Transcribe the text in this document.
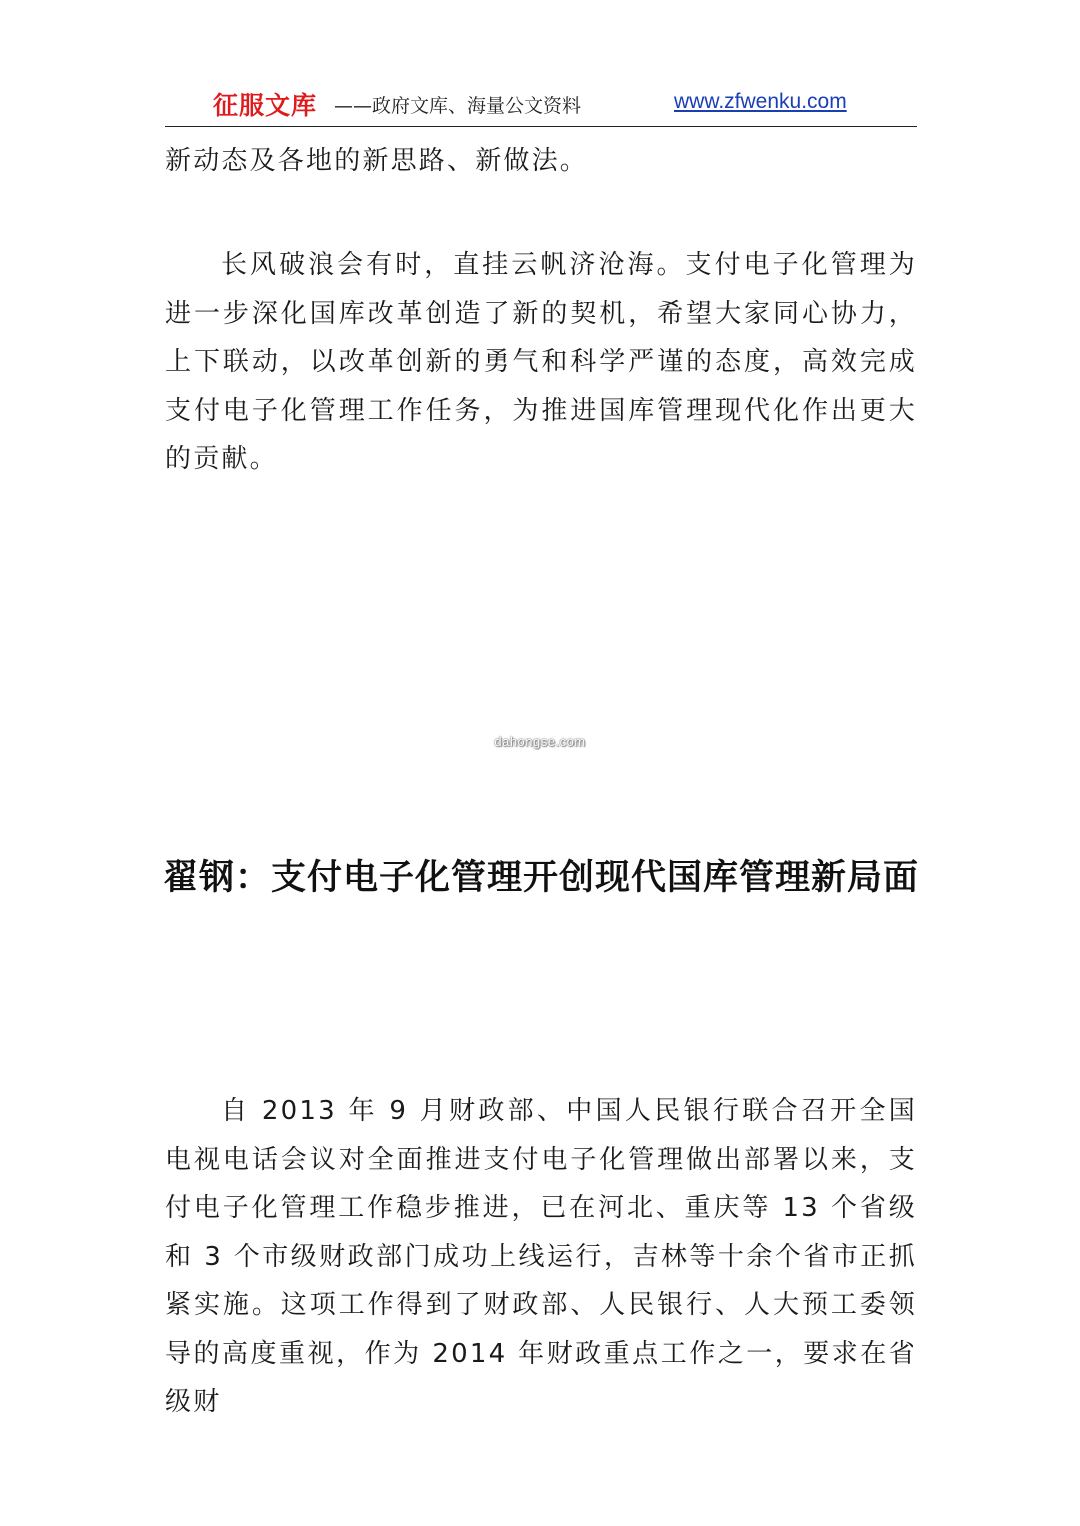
征服文库 ——政府文库、海量公文资料	www.zfwenku.com

新动态及各地的新思路、新做法。

长风破浪会有时，直挂云帆济沧海。支付电子化管理为进一步深化国库改革创造了新的契机，希望大家同心协力，上下联动，以改革创新的勇气和科学严谨的态度，高效完成支付电子化管理工作任务，为推进国库管理现代化作出更大的贡献。

dahongse.com
翟钢：支付电子化管理开创现代国库管理新局面

自 2013 年 9 月财政部、中国人民银行联合召开全国电视电话会议对全面推进支付电子化管理做出部署以来，支付电子化管理工作稳步推进，已在河北、重庆等 13 个省级和 3 个市级财政部门成功上线运行，吉林等十余个省市正抓紧实施。这项工作得到了财政部、人民银行、人大预工委领导的高度重视，作为 2014 年财政重点工作之一，要求在省级财
